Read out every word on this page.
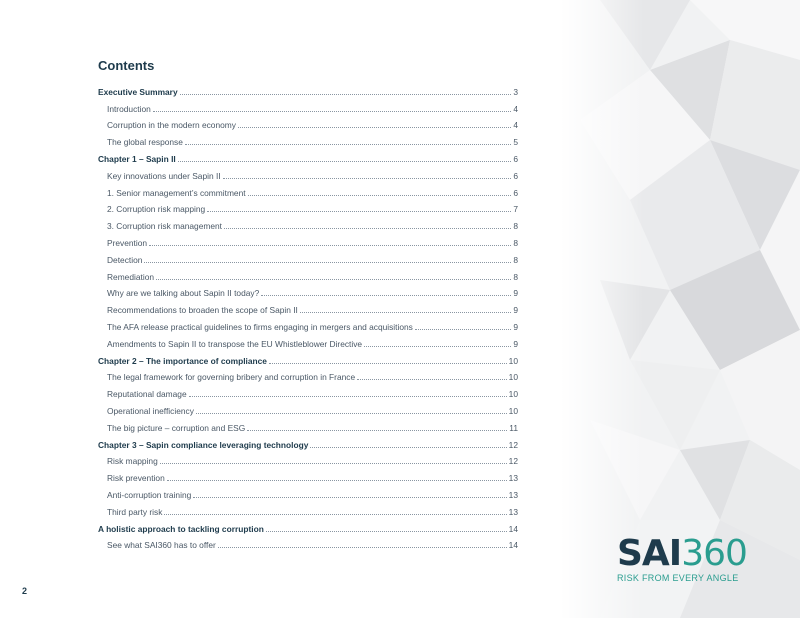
Contents
Executive Summary	3
Introduction	4
Corruption in the modern economy	4
The global response	5
Chapter 1 – Sapin II	6
Key innovations under Sapin II	6
1. Senior management’s commitment	6
2. Corruption risk mapping	7
3. Corruption risk management	8
Prevention	8
Detection	8
Remediation	8
Why are we talking about Sapin II today?	9
Recommendations to broaden the scope of Sapin II	9
The AFA release practical guidelines to firms engaging in mergers and acquisitions	9
Amendments to Sapin II to transpose the EU Whistleblower Directive	9
Chapter 2 – The importance of compliance	10
The legal framework for governing bribery and corruption in France	10
Reputational damage	10
Operational inefficiency	10
The big picture – corruption and ESG	11
Chapter 3 – Sapin compliance leveraging technology	12
Risk mapping	12
Risk prevention	13
Anti-corruption training	13
Third party risk	13
A holistic approach to tackling corruption	14
See what SAI360 has to offer	14
2
SAI360
RISK FROM EVERY ANGLE
